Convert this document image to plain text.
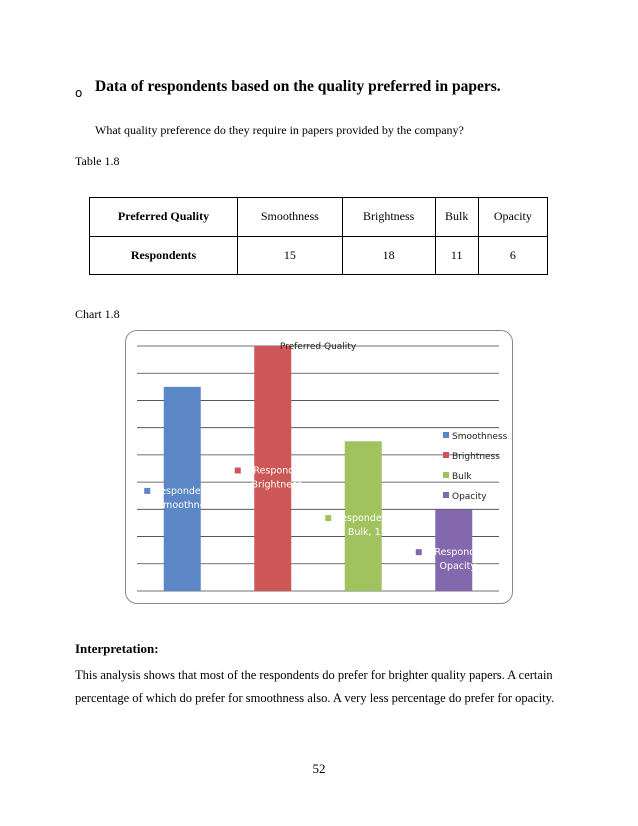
o Data of respondents based on the quality preferred in papers.
What quality preference do they require in papers provided by the company?
Table 1.8
Preferred Quality	Smoothness	Brightness	Bulk	Opacity
Respondents	15	18	11	6
Chart 1.8
Respondents,
Smoothness
Responde
Brightness
Respondents,
Bulk, 11
Responde
Opacity
Preferred Quality
Smoothness
Brightness
Bulk
Opacity
Interpretation:
This analysis shows that most of the respondents do prefer for brighter quality papers. A certain percentage of which do prefer for smoothness also. A very less percentage do prefer for opacity.
52
